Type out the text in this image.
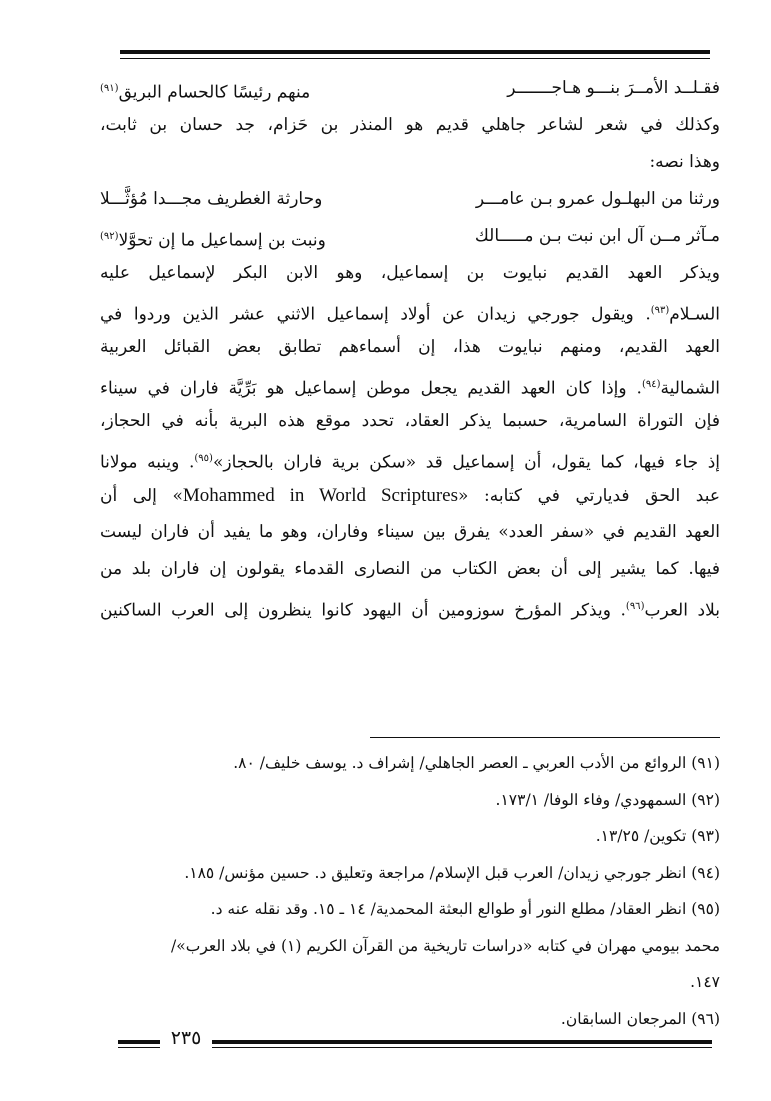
فقـلــد الأمــرَ بنـــو هـاجـــــــر
منهم رئيسًا كالحسام البريق$^{(٩١)}$
وكذلك في شعر لشاعر جاهلي قديم هو المنذر بن حَزام، جد حسان بن ثابت،
وهذا نصه:
ورثنا من البهلـول عمرو بـن عامـــر
وحارثة الغطريف مجـــدا مُؤثَّـــلا
مـآثر مــن آل ابن نبت بـن مـــــالك
ونبت بن إسماعيل ما إن تحوَّلا$^{(٩٢)}$
ويذكر العهد القديم نبايوت بن إسماعيل، وهو الابن البكر لإسماعيل عليه
السـلام$^{(٩٣)}$. ويقول جورجي زيدان عن أولاد إسماعيل الاثني عشر الذين وردوا في
العهد القديم، ومنهم نبايوت هذا، إن أسماءهم تطابق بعض القبائل العربية
الشمالية$^{(٩٤)}$. وإذا كان العهد القديم يجعل موطن إسماعيل هو بَرِّيَّة فاران في سيناء
فإن التوراة السامرية، حسبما يذكر العقاد، تحدد موقع هذه البرية بأنه في الحجاز،
إذ جاء فيها، كما يقول، أن إسماعيل قد «سكن برية فاران بالحجاز»$^{(٩٥)}$. وينبه مولانا
عبد الحق فديارتي في كتابه: «Mohammed in World Scriptures» إلى أن
العهد القديم في «سفر العدد» يفرق بين سيناء وفاران، وهو ما يفيد أن فاران ليست
فيها. كما يشير إلى أن بعض الكتاب من النصارى القدماء يقولون إن فاران بلد من
بلاد العرب$^{(٩٦)}$. ويذكر المؤرخ سوزومين أن اليهود كانوا ينظرون إلى العرب الساكنين
(٩١) الروائع من الأدب العربي ـ العصر الجاهلي/ إشراف د. يوسف خليف/ ٨٠.
(٩٢) السمهودي/ وفاء الوفا/ ١٧٣/١.
(٩٣) تكوين/ ١٣/٢٥.
(٩٤) انظر جورجي زيدان/ العرب قبل الإسلام/ مراجعة وتعليق د. حسين مؤنس/ ١٨٥.
(٩٥) انظر العقاد/ مطلع النور أو طوالع البعثة المحمدية/ ١٤ ـ ١٥. وقد نقله عنه د.
محمد بيومي مهران في كتابه «دراسات تاريخية من القرآن الكريم (١) في بلاد العرب»/
١٤٧.
(٩٦) المرجعان السابقان.
٢٣٥
